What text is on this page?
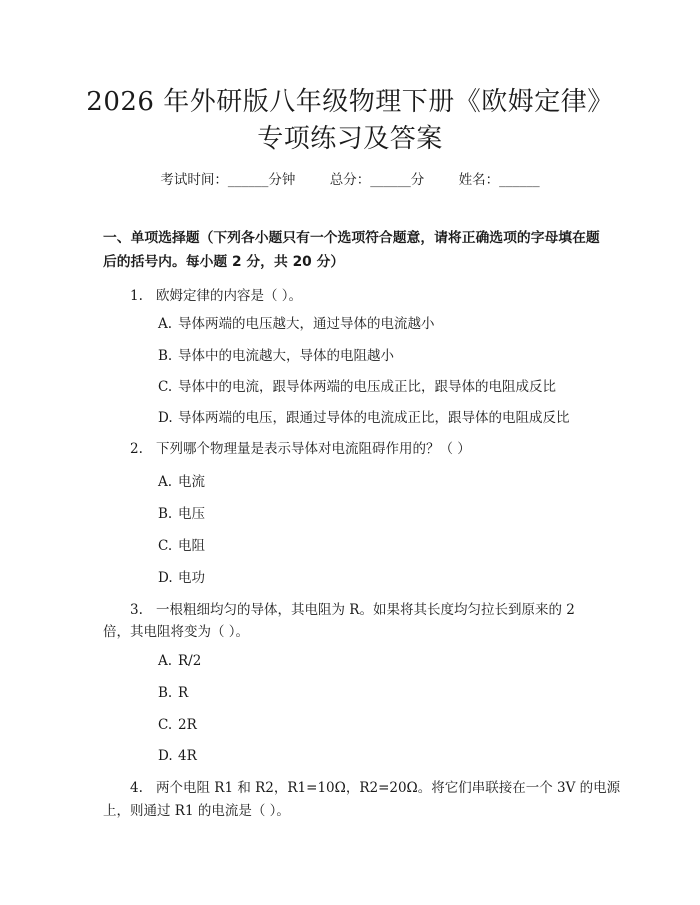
2026 年外研版八年级物理下册《欧姆定律》
专项练习及答案
考试时间：______分钟	总分：______分	姓名：______
一、单项选择题（下列各小题只有一个选项符合题意，请将正确选项的字母填在题后的括号内。每小题 2 分，共 20 分）
1. 欧姆定律的内容是（ ）。
A. 导体两端的电压越大，通过导体的电流越小
B. 导体中的电流越大，导体的电阻越小
C. 导体中的电流，跟导体两端的电压成正比，跟导体的电阻成反比
D. 导体两端的电压，跟通过导体的电流成正比，跟导体的电阻成反比
2. 下列哪个物理量是表示导体对电流阻碍作用的？（ ）
A. 电流
B. 电压
C. 电阻
D. 电功
3. 一根粗细均匀的导体，其电阻为 R。如果将其长度均匀拉长到原来的 2
倍，其电阻将变为（ ）。
A. R/2
B. R
C. 2R
D. 4R
4. 两个电阻 R1 和 R2，R1=10Ω，R2=20Ω。将它们串联接在一个 3V 的电源
上，则通过 R1 的电流是（ ）。
